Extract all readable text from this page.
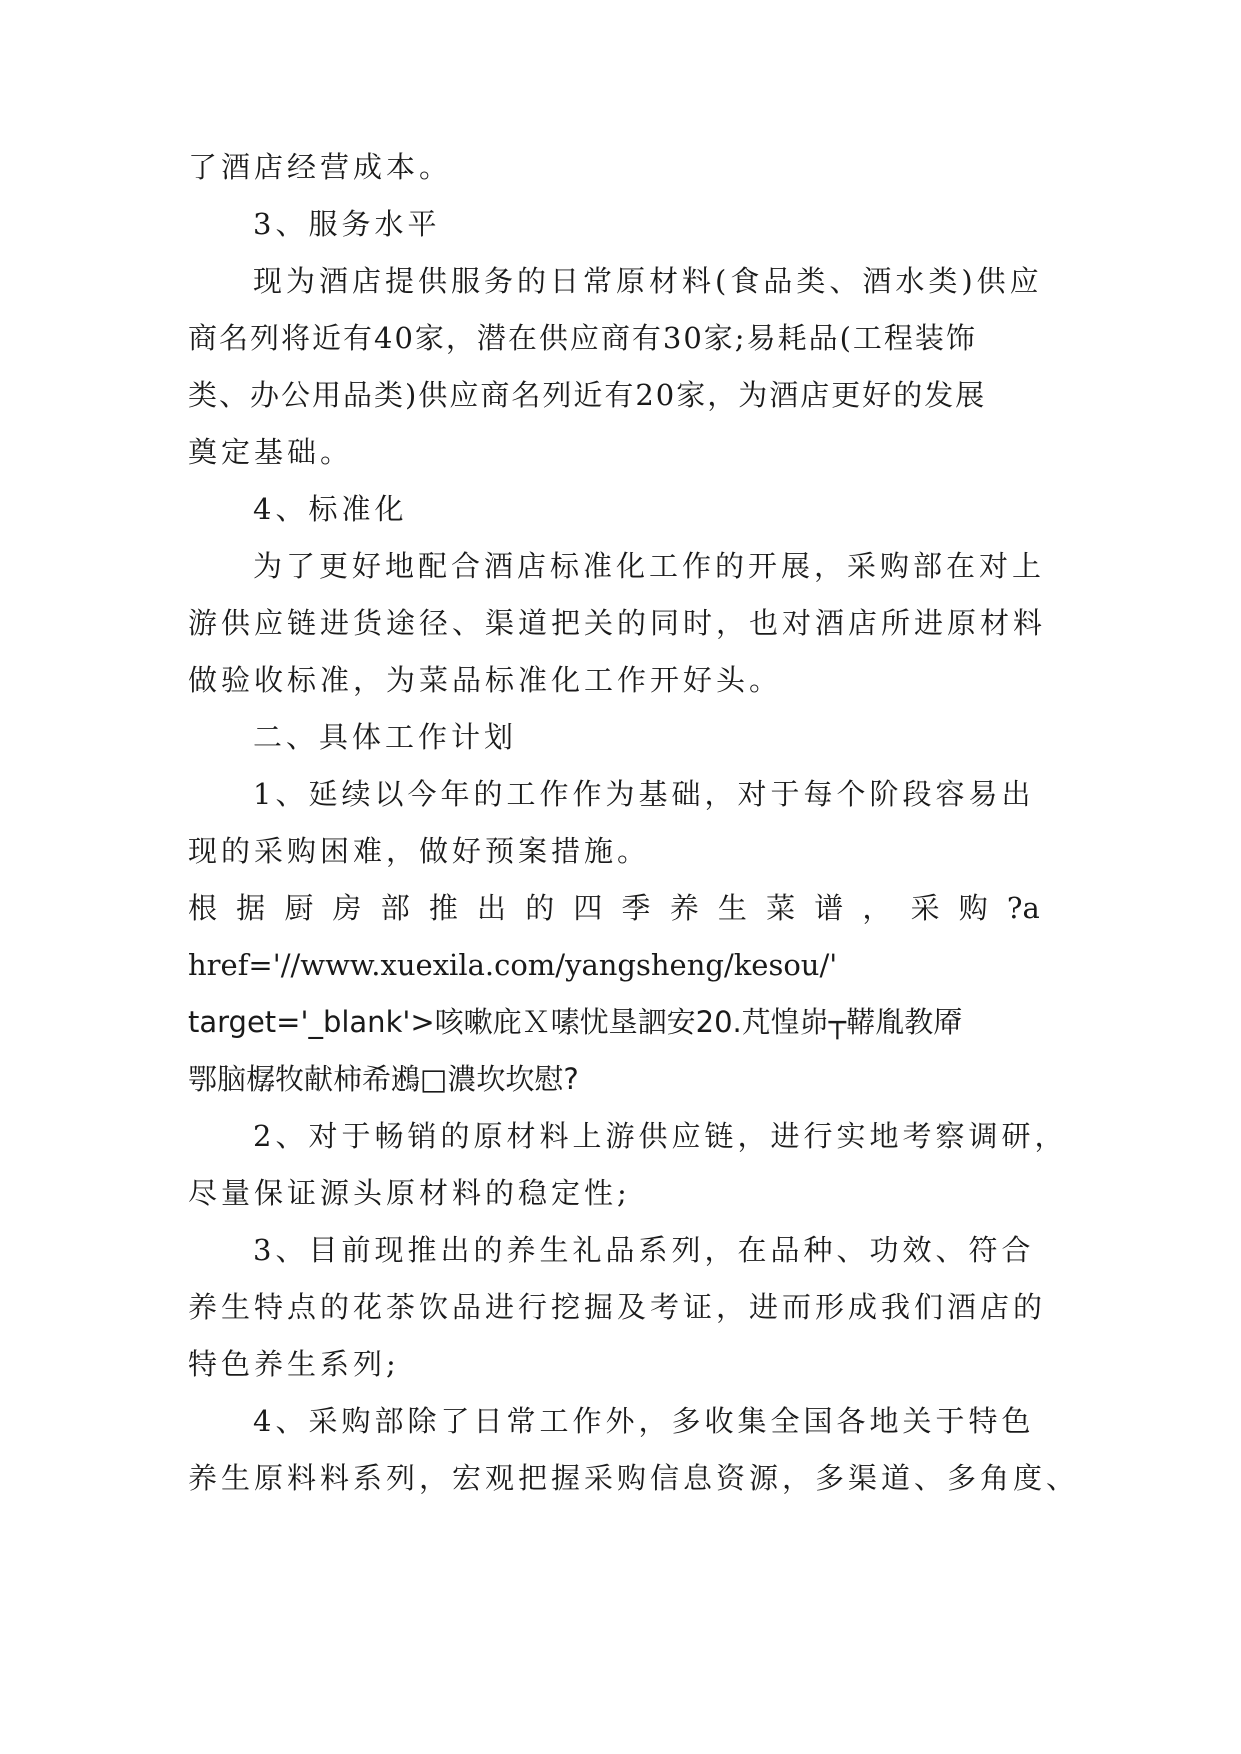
了酒店经营成本。
3、服务水平
现为酒店提供服务的日常原材料(食品类、酒水类)供应
商名列将近有40家，潜在供应商有30家;易耗品(工程装饰
类、办公用品类)供应商名列近有20家，为酒店更好的发展
奠定基础。
4、标准化
为了更好地配合酒店标准化工作的开展，采购部在对上
游供应链进货途径、渠道把关的同时，也对酒店所进原材料
做验收标准，为菜品标准化工作开好头。
二、具体工作计划
1、延续以今年的工作作为基础，对于每个阶段容易出
现的采购困难，做好预案措施。
根 据 厨 房 部 推 出 的 四 季 养 生 菜 谱 ， 采 购 ?a
href='//www.xuexila.com/yangsheng/kesou/'
target='_blank'>咳嗽庇Ｘ嗉忧垦訵安20.芃惶峁┬鞯胤教厣
鄂脑樼牧献柿希鶐□濃坎坎慰?
2、对于畅销的原材料上游供应链，进行实地考察调研，
尽量保证源头原材料的稳定性;
3、目前现推出的养生礼品系列，在品种、功效、符合
养生特点的花茶饮品进行挖掘及考证，进而形成我们酒店的
特色养生系列;
4、采购部除了日常工作外，多收集全国各地关于特色
养生原料料系列，宏观把握采购信息资源，多渠道、多角度、
